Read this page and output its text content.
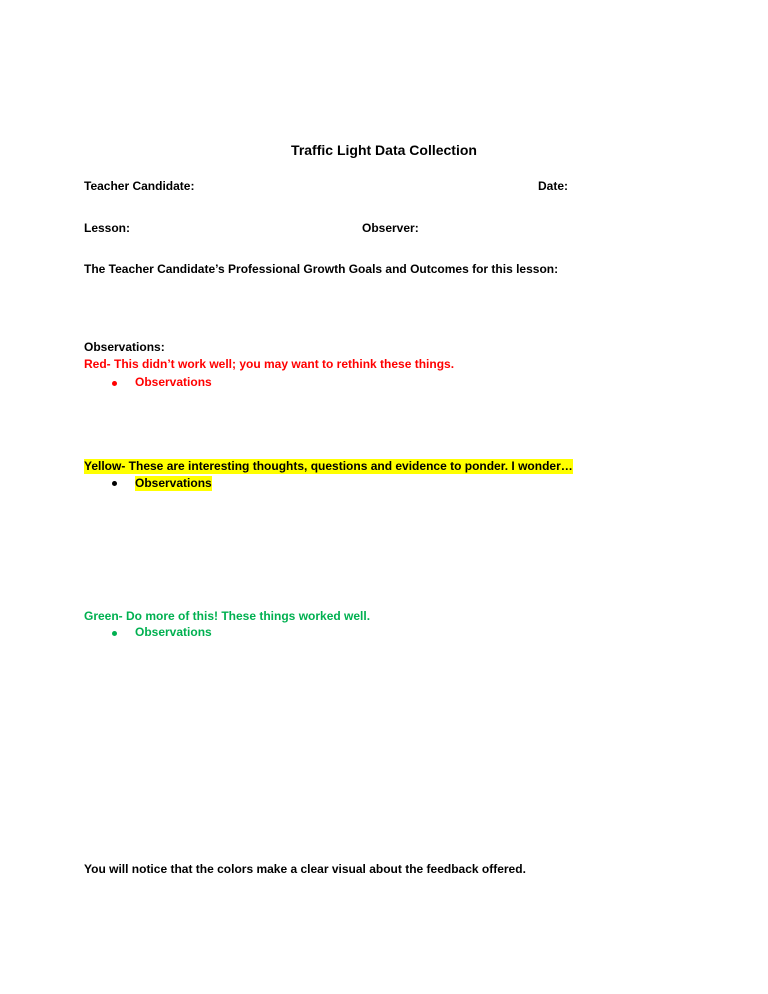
Traffic Light Data Collection
Teacher Candidate:	Date:
Lesson:	Observer:
The Teacher Candidate’s Professional Growth Goals and Outcomes for this lesson:
Observations:
Red- This didn’t work well; you may want to rethink these things.
Observations
Yellow- These are interesting thoughts, questions and evidence to ponder. I wonder…
Observations
Green- Do more of this! These things worked well.
Observations
You will notice that the colors make a clear visual about the feedback offered.
